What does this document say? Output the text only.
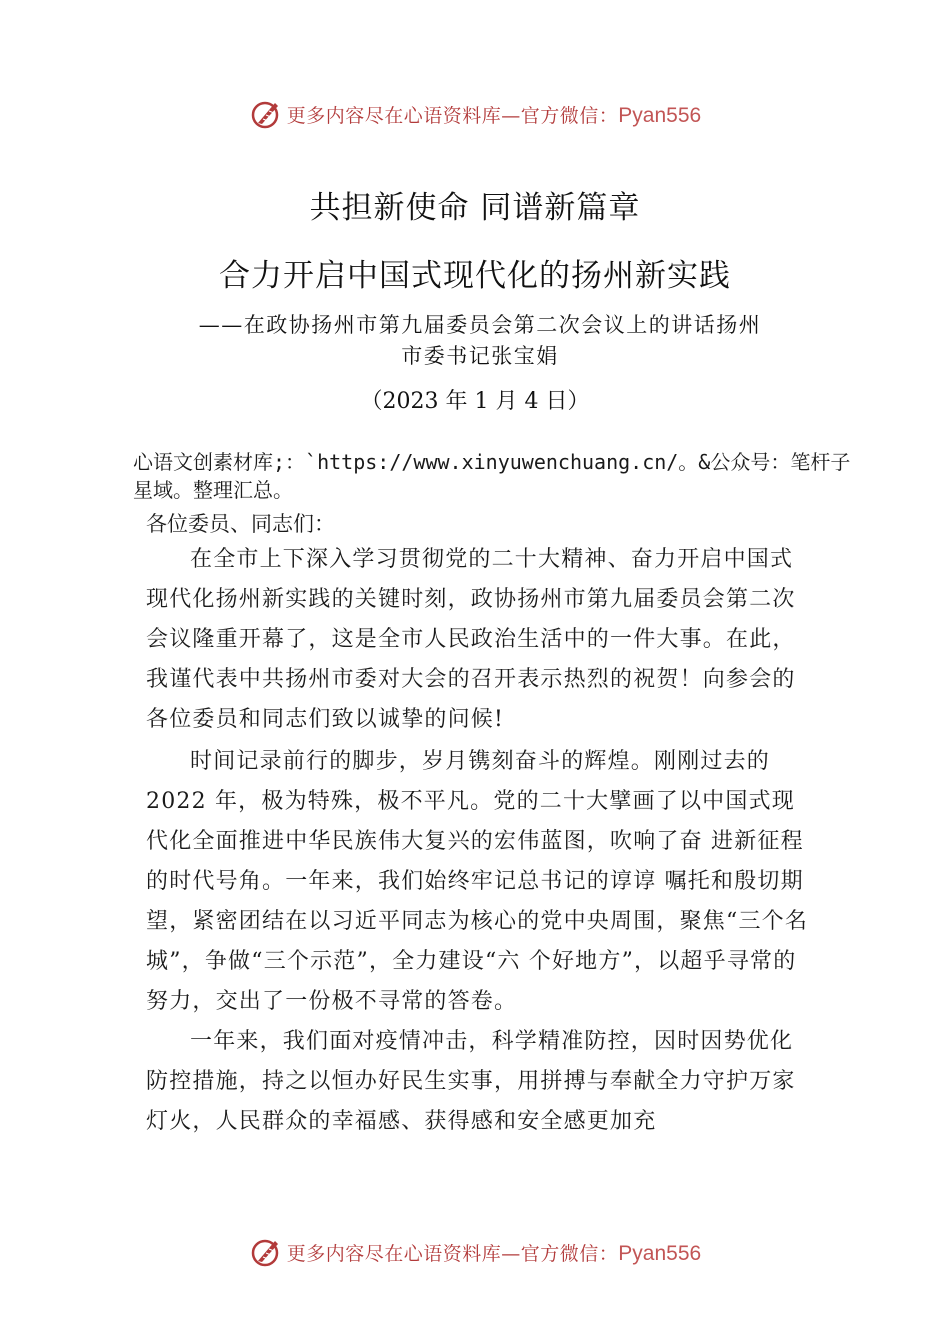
更多内容尽在心语资料库—官方微信：Pyan556
共担新使命 同谱新篇章
合力开启中国式现代化的扬州新实践
——在政协扬州市第九届委员会第二次会议上的讲话扬州市委书记张宝娟
（2023 年 1 月 4 日）
心语文创素材库;：`https://www.xinyuwenchuang.cn/。&公众号：笔杆子星域。整理汇总。
各位委员、同志们：

在全市上下深入学习贯彻党的二十大精神、奋力开启中国式现代化扬州新实践的关键时刻，政协扬州市第九届委员会第二次会议隆重开幕了，这是全市人民政治生活中的一件大事。在此，我谨代表中共扬州市委对大会的召开表示热烈的祝贺！向参会的各位委员和同志们致以诚挚的问候!

时间记录前行的脚步，岁月镌刻奋斗的辉煌。刚刚过去的 2022 年，极为特殊，极不平凡。党的二十大擘画了以中国式现代化全面推进中华民族伟大复兴的宏伟蓝图，吹响了奋 进新征程的时代号角。一年来，我们始终牢记总书记的谆谆 嘱托和殷切期望，紧密团结在以习近平同志为核心的党中央周围，聚焦“三个名城”，争做“三个示范”，全力建设“六 个好地方”，以超乎寻常的努力，交出了一份极不寻常的答卷。

一年来，我们面对疫情冲击，科学精准防控，因时因势优化防控措施，持之以恒办好民生实事，用拼搏与奉献全力守护万家灯火，人民群众的幸福感、获得感和安全感更加充

更多内容尽在心语资料库—官方微信：Pyan556
